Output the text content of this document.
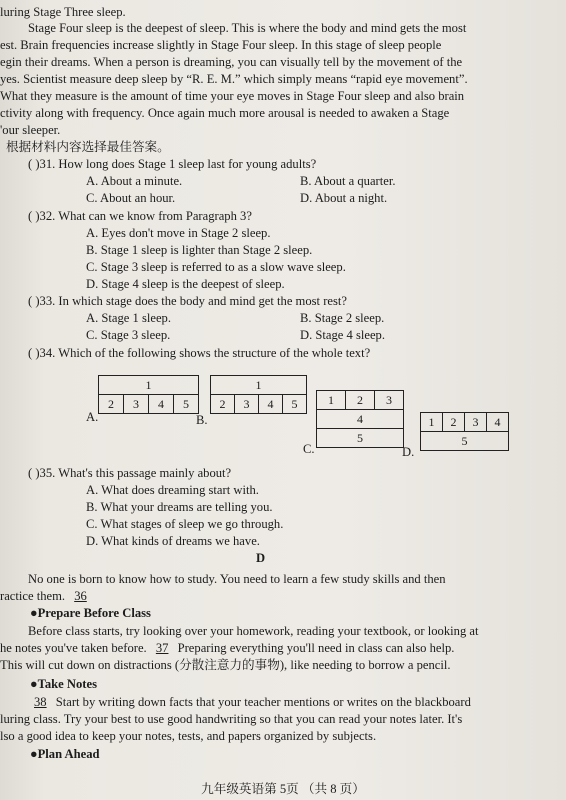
luring Stage Three sleep.
Stage Four sleep is the deepest of sleep. This is where the body and mind gets the most
est. Brain frequencies increase slightly in Stage Four sleep. In this stage of sleep people
egin their dreams. When a person is dreaming, you can visually tell by the movement of the
yes. Scientist measure deep sleep by “R. E. M.” which simply means “rapid eye movement”.
What they measure is the amount of time your eye moves in Stage Four sleep and also brain
ctivity along with frequency. Once again much more arousal is needed to awaken a Stage
'our sleeper.
根据材料内容选择最佳答案。
( )31. How long does Stage 1 sleep last for young adults?
A. About a minute.	B. About a quarter.
C. About an hour.	D. About a night.
( )32. What can we know from Paragraph 3?
A. Eyes don't move in Stage 2 sleep.
B. Stage 1 sleep is lighter than Stage 2 sleep.
C. Stage 3 sleep is referred to as a slow wave sleep.
D. Stage 4 sleep is the deepest of sleep.
( )33. In which stage does the body and mind get the most rest?
A. Stage 1 sleep.	B. Stage 2 sleep.
C. Stage 3 sleep.	D. Stage 4 sleep.
( )34. Which of the following shows the structure of the whole text?
1
2	3	4	5
A.
1
2	3	4	5
B.
1	2	3
4
5
C.
1	2	3	4
5
D.
( )35. What's this passage mainly about?
A. What does dreaming start with.
B. What your dreams are telling you.
C. What stages of sleep we go through.
D. What kinds of dreams we have.
D
No one is born to know how to study. You need to learn a few study skills and then
ractice them. 36
●Prepare Before Class
Before class starts, try looking over your homework, reading your textbook, or looking at
he notes you've taken before. 37 Preparing everything you'll need in class can also help.
This will cut down on distractions (分散注意力的事物), like needing to borrow a pencil.
●Take Notes
38 Start by writing down facts that your teacher mentions or writes on the blackboard
luring class. Try your best to use good handwriting so that you can read your notes later. It's
lso a good idea to keep your notes, tests, and papers organized by subjects.
●Plan Ahead
九年级英语第 5页 （共 8 页）
